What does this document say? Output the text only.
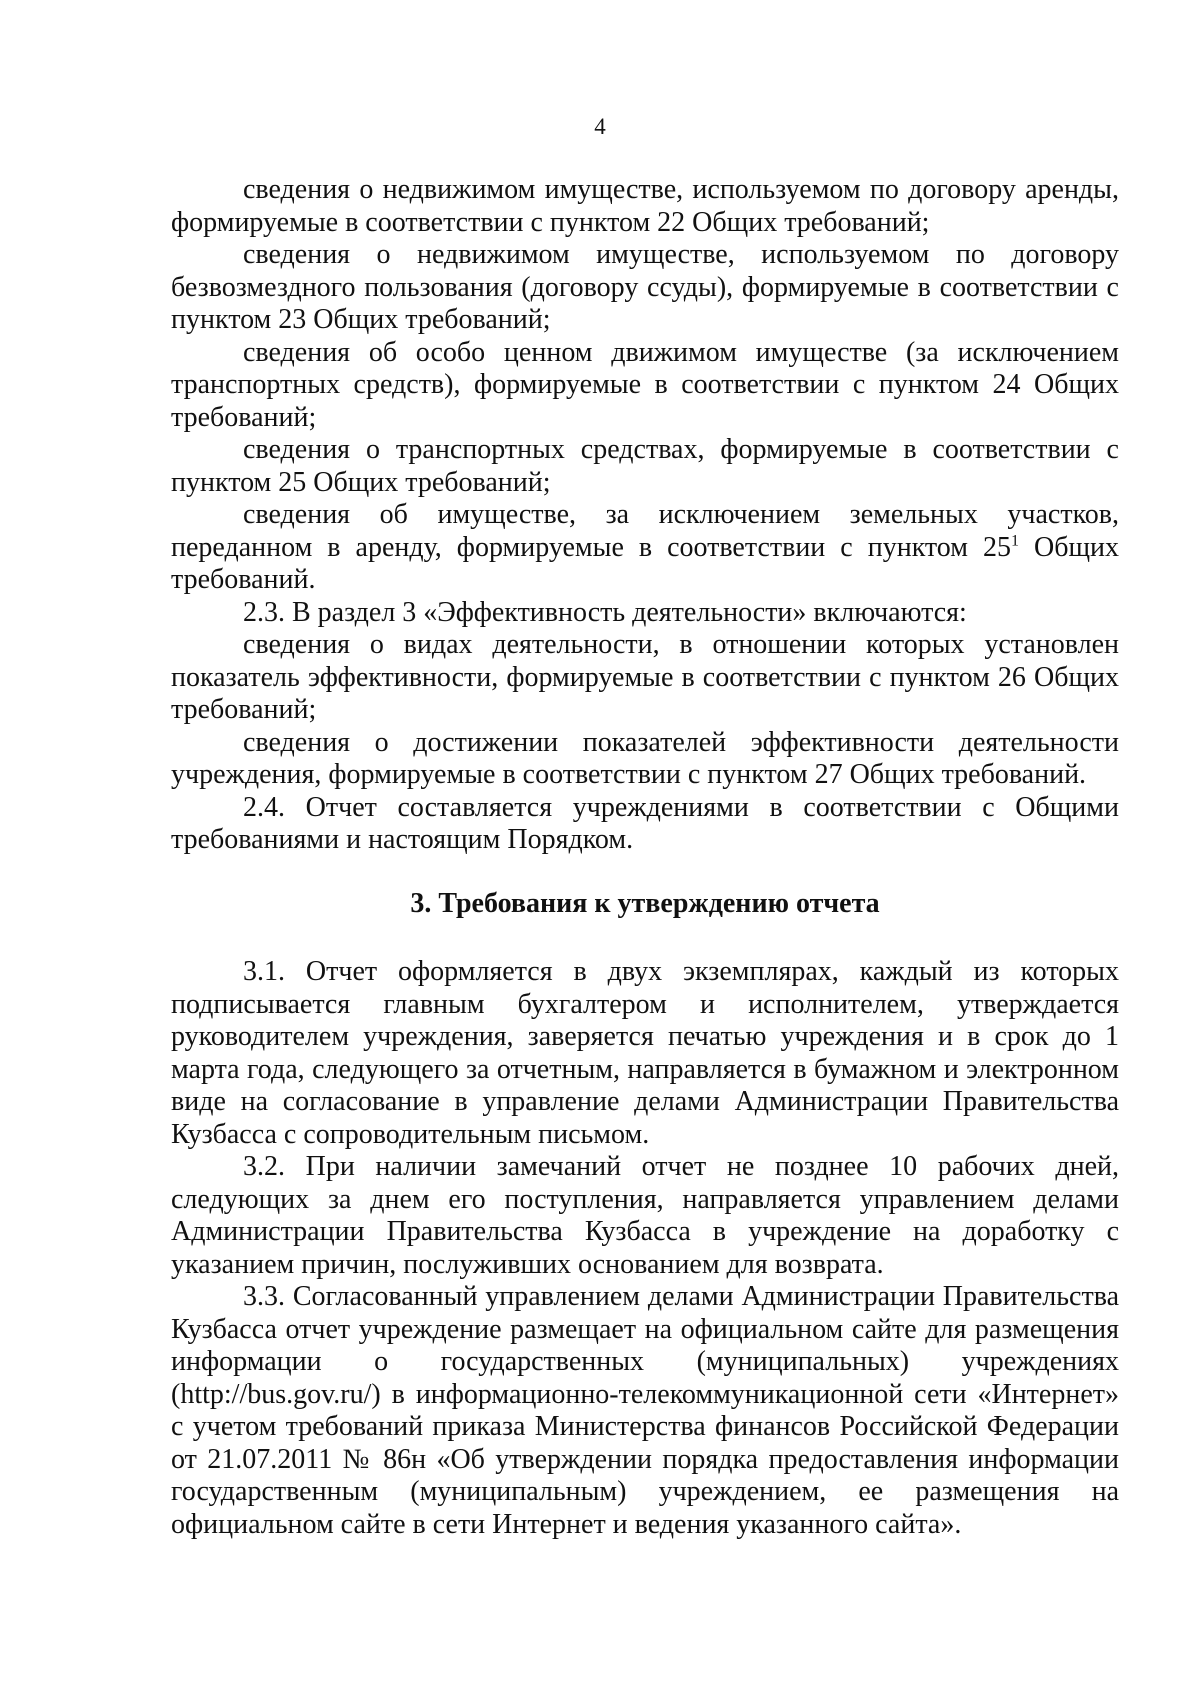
4

сведения о недвижимом имуществе, используемом по договору аренды, формируемые в соответствии с пунктом 22 Общих требований;

сведения о недвижимом имуществе, используемом по договору безвозмездного пользования (договору ссуды), формируемые в соответствии с пунктом 23 Общих требований;

сведения об особо ценном движимом имуществе (за исключением транспортных средств), формируемые в соответствии с пунктом 24 Общих требований;

сведения о транспортных средствах, формируемые в соответствии с пунктом 25 Общих требований;

сведения об имуществе, за исключением земельных участков, переданном в аренду, формируемые в соответствии с пунктом $25^1$ Общих требований.

2.3. В раздел 3 «Эффективность деятельности» включаются:

сведения о видах деятельности, в отношении которых установлен показатель эффективности, формируемые в соответствии с пунктом 26 Общих требований;

сведения о достижении показателей эффективности деятельности учреждения, формируемые в соответствии с пунктом 27 Общих требований.

2.4. Отчет составляется учреждениями в соответствии с Общими требованиями и настоящим Порядком.

3. Требования к утверждению отчета

3.1. Отчет оформляется в двух экземплярах, каждый из которых подписывается главным бухгалтером и исполнителем, утверждается руководителем учреждения, заверяется печатью учреждения и в срок до 1 марта года, следующего за отчетным, направляется в бумажном и электронном виде на согласование в управление делами Администрации Правительства Кузбасса с сопроводительным письмом.

3.2. При наличии замечаний отчет не позднее 10 рабочих дней, следующих за днем его поступления, направляется управлением делами Администрации Правительства Кузбасса в учреждение на доработку с указанием причин, послуживших основанием для возврата.

3.3. Согласованный управлением делами Администрации Правительства Кузбасса отчет учреждение размещает на официальном сайте для размещения информации о государственных (муниципальных) учреждениях (http://bus.gov.ru/) в информационно-телекоммуникационной сети «Интернет» с учетом требований приказа Министерства финансов Российской Федерации от 21.07.2011 № 86н «Об утверждении порядка предоставления информации государственным (муниципальным) учреждением, ее размещения на официальном сайте в сети Интернет и ведения указанного сайта».
